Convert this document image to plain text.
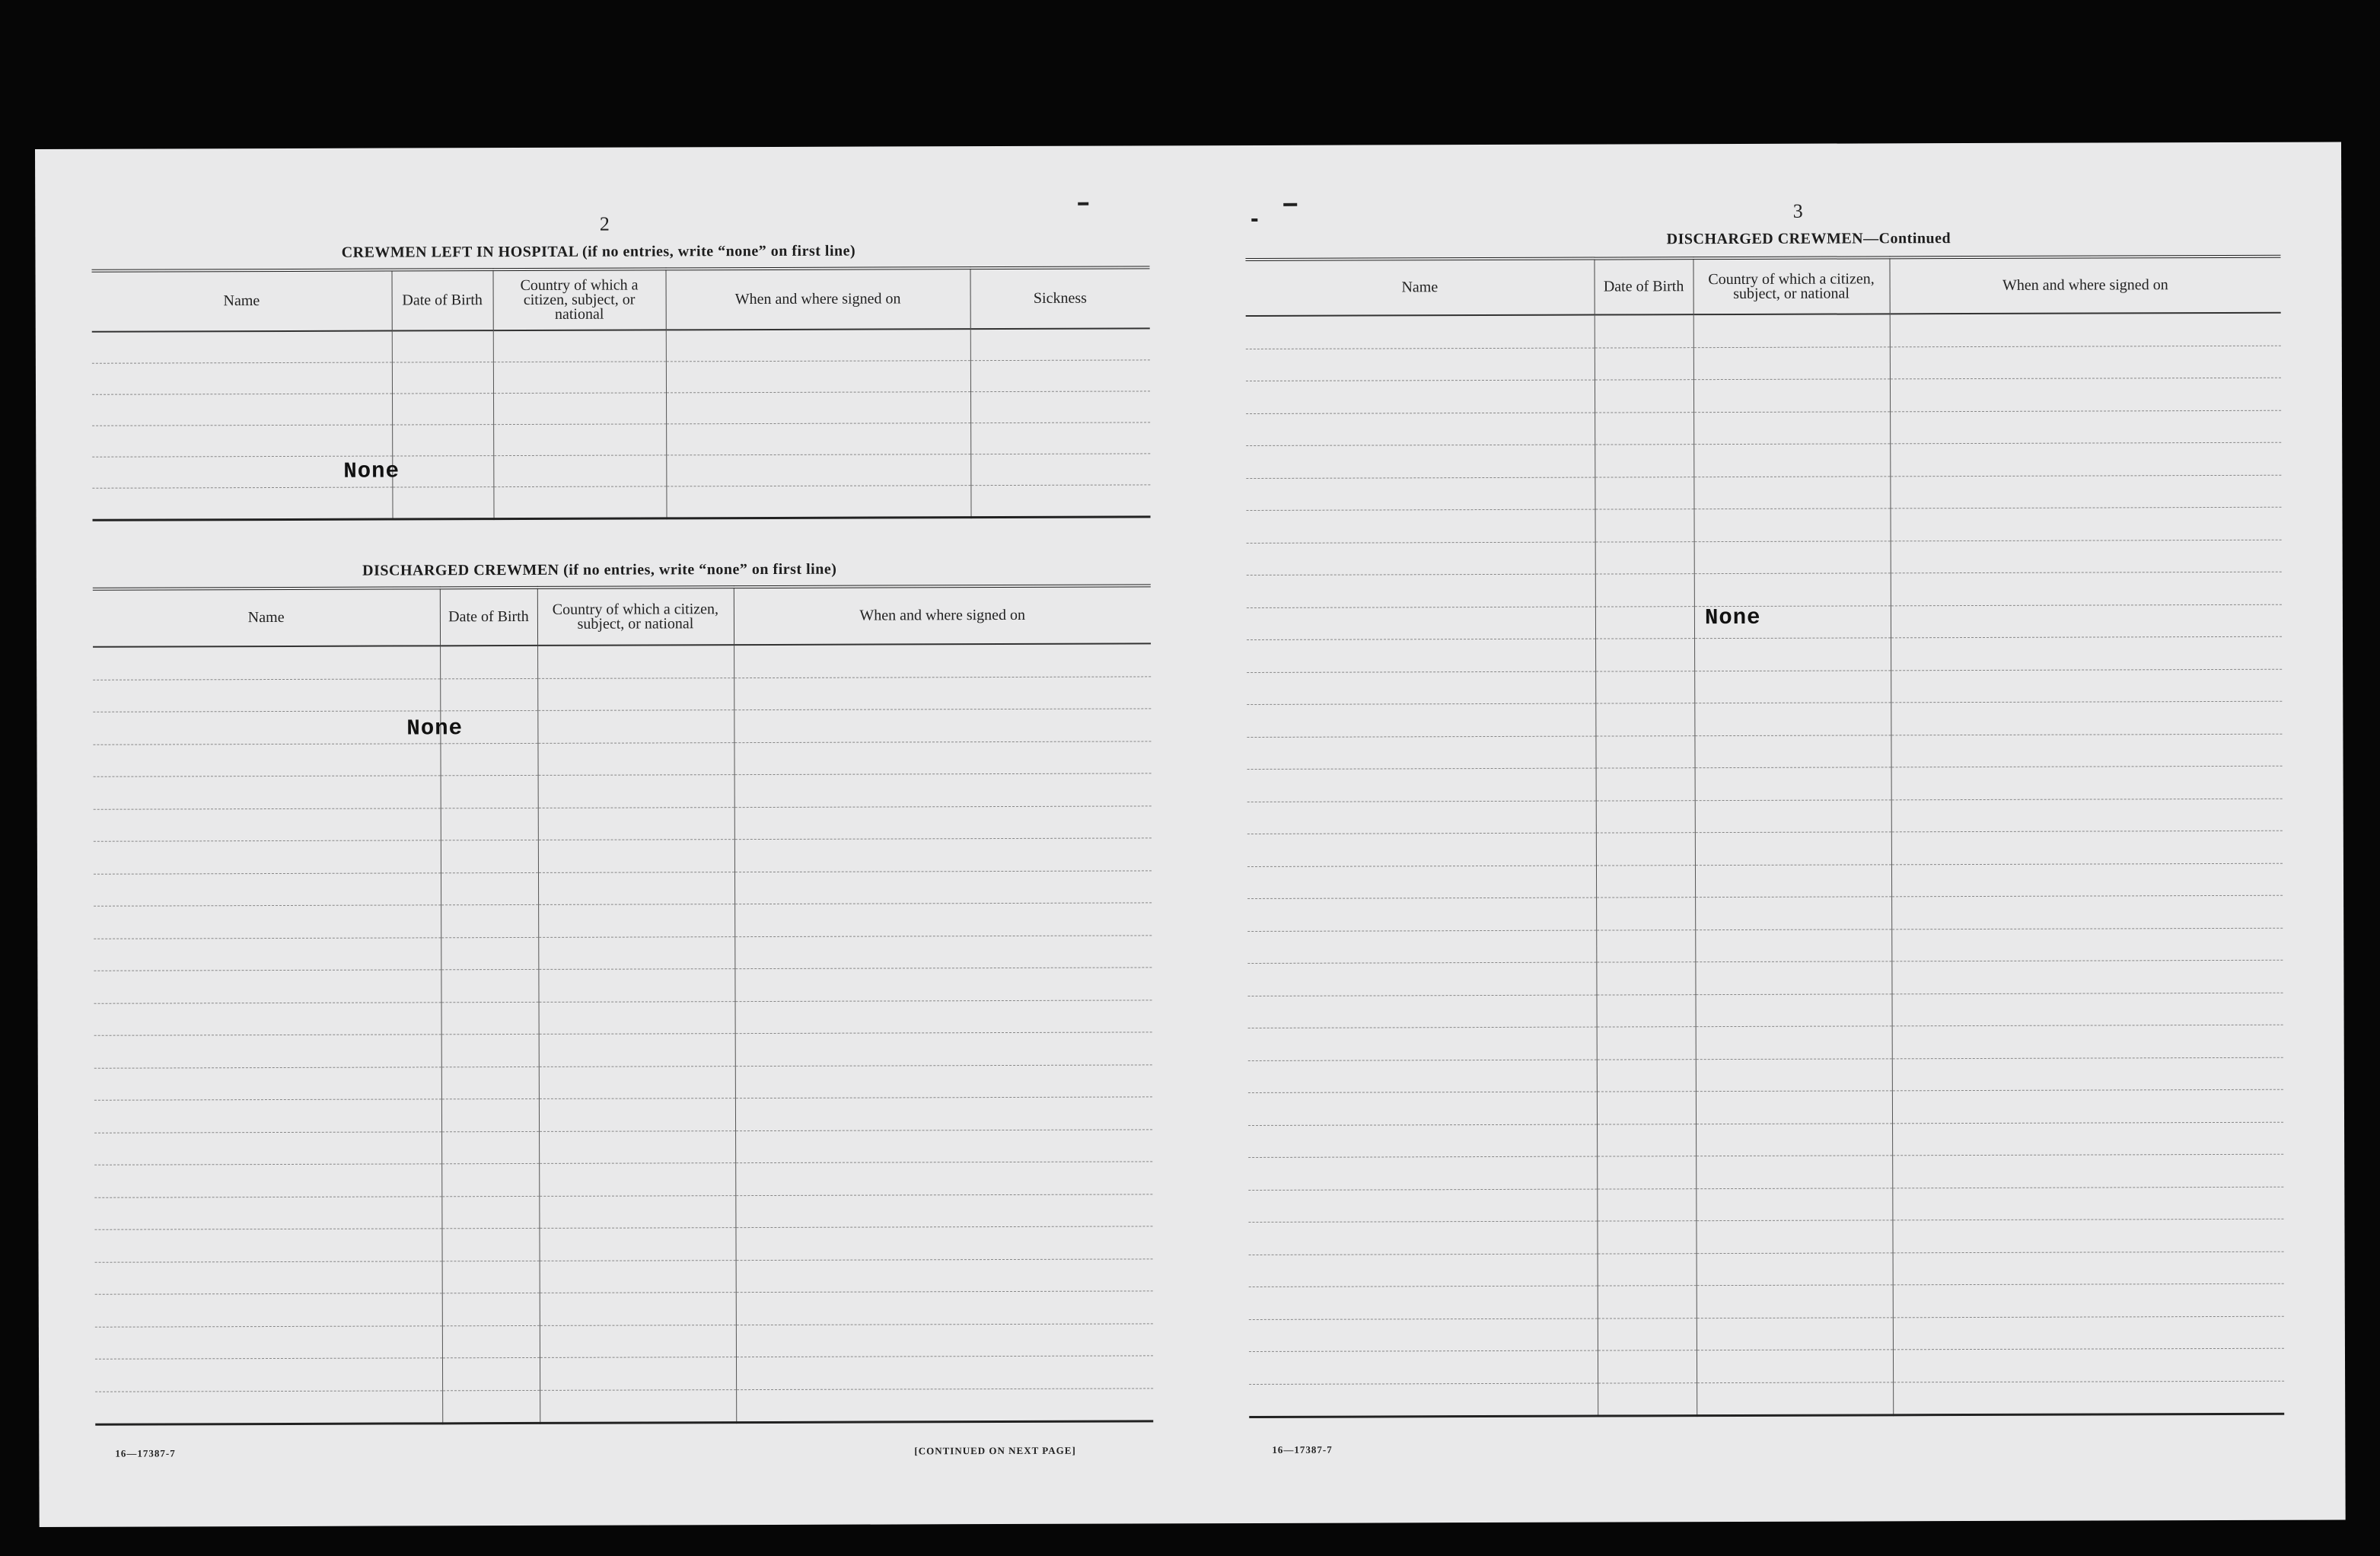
2
CREWMEN LEFT IN HOSPITAL (if no entries, write “none” on first line)
Name	Date of Birth	Country of which a citizen, subject, or national	When and where signed on	Sickness

None
DISCHARGED CREWMEN (if no entries, write “none” on first line)
Name	Date of Birth	Country of which a citizen, subject, or national	When and where signed on

None
16—17387-7	[CONTINUED ON NEXT PAGE]
3
DISCHARGED CREWMEN—Continued
Name	Date of Birth	Country of which a citizen, subject, or national	When and where signed on

None
16—17387-7
